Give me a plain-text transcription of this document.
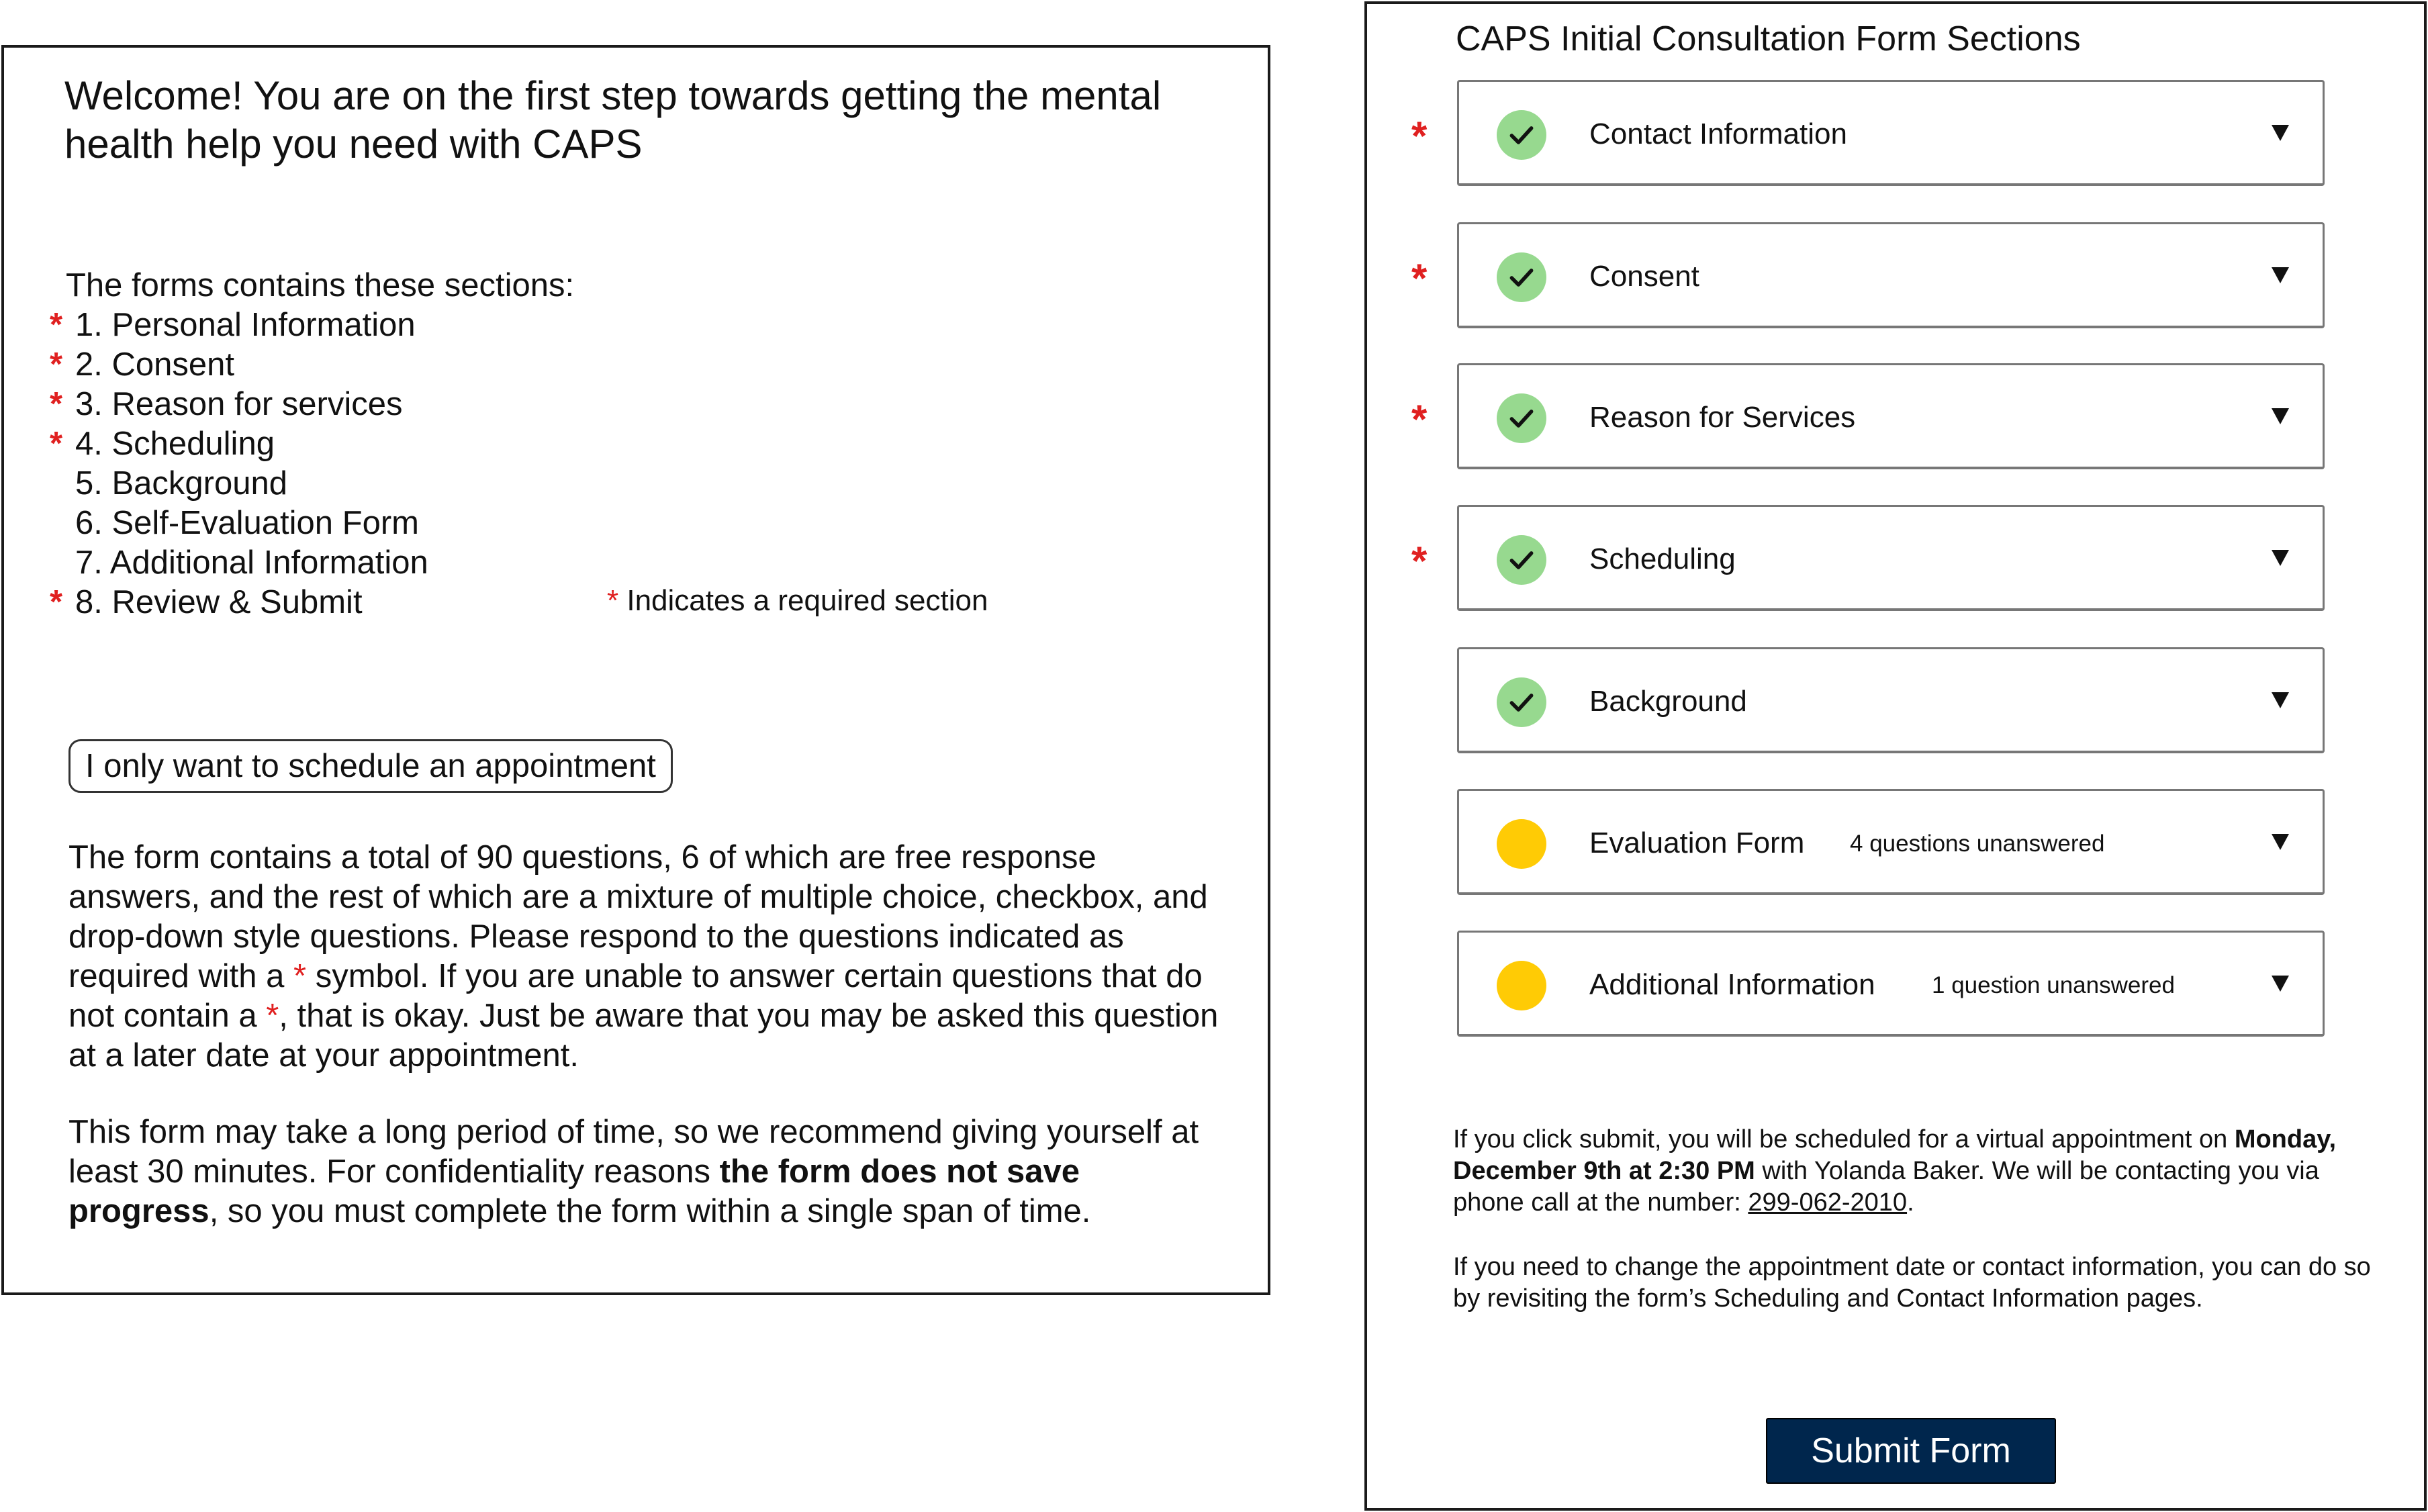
Welcome! You are on the first step towards getting the mental health help you need with CAPS
The forms contains these sections:
* 1. Personal Information
* 2. Consent
* 3. Reason for services
* 4. Scheduling
5. Background
6. Self-Evaluation Form
7. Additional Information
* 8. Review & Submit	* Indicates a required section
I only want to schedule an appointment

The form contains a total of 90 questions, 6 of which are free response answers, and the rest of which are a mixture of multiple choice, checkbox, and drop-down style questions. Please respond to the questions indicated as required with a * symbol. If you are unable to answer certain questions that do not contain a *, that is okay. Just be aware that you may be asked this question at a later date at your appointment.

This form may take a long period of time, so we recommend giving yourself at least 30 minutes. For confidentiality reasons the form does not save progress, so you must complete the form within a single span of time.

CAPS Initial Consultation Form Sections
*	Contact Information
*	Consent
*	Reason for Services
*	Scheduling
Background
Evaluation Form 4 questions unanswered
Additional Information 1 question unanswered

If you click submit, you will be scheduled for a virtual appointment on Monday, December 9th at 2:30 PM with Yolanda Baker. We will be contacting you via phone call at the number: 299-062-2010.

If you need to change the appointment date or contact information, you can do so by revisiting the form’s Scheduling and Contact Information pages.

Submit Form
